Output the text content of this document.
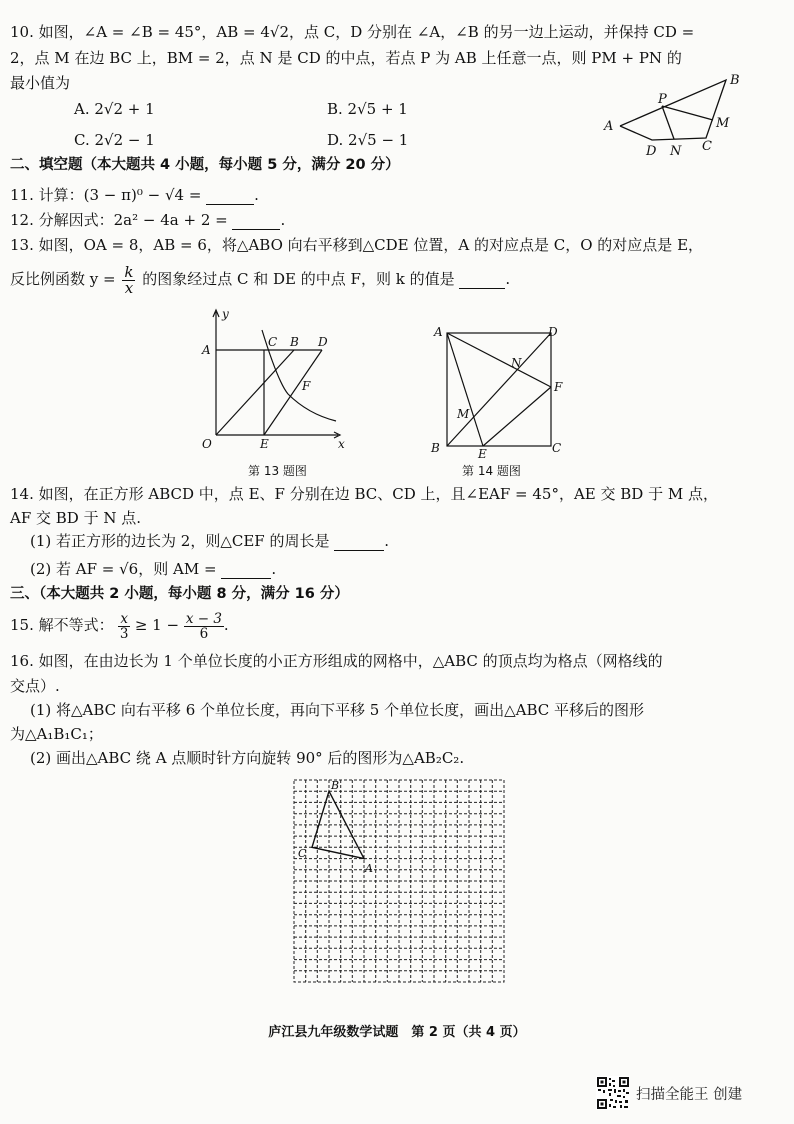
10. 如图，∠A = ∠B = 45°，AB = 4√2，点 C，D 分别在 ∠A，∠B 的另一边上运动，并保持 CD =
2，点 M 在边 BC 上，BM = 2，点 N 是 CD 的中点，若点 P 为 AB 上任意一点，则 PM + PN 的
最小值为
A. 2√2 + 1	B. 2√5 + 1
C. 2√2 − 1	D. 2√5 − 1
A
B
P
M
D N C
二、填空题（本大题共 4 小题，每小题 5 分，满分 20 分）
11. 计算：(3 − π)⁰ − √4 =	.
12. 分解因式：2a² − 4a + 2 =	.
13. 如图，OA = 8，AB = 6，将△ABO 向右平移到△CDE 位置，A 的对应点是 C，O 的对应点是 E，
反比例函数 $y = \frac{k}{x}$ 的图象经过点 C 和 DE 的中点 F，则 k 的值是	.
y
A
C B D
F
O	E	x
第 13 题图
A	D
N
F
M
B	E	C
第 14 题图
14. 如图，在正方形 ABCD 中，点 E、F 分别在边 BC、CD 上，且∠EAF = 45°，AE 交 BD 于 M 点，
AF 交 BD 于 N 点.
(1) 若正方形的边长为 2，则△CEF 的周长是	.
(2) 若 AF = √6，则 AM =	.
三、（本大题共 2 小题，每小题 8 分，满分 16 分）
15. 解不等式： $\frac{x}{3} \ge 1 - \frac{x - 3}{6}$ .
16. 如图，在由边长为 1 个单位长度的小正方形组成的网格中，△ABC 的顶点均为格点（网格线的
交点）.
(1) 将△ABC 向右平移 6 个单位长度，再向下平移 5 个单位长度，画出△ABC 平移后的图形
为△A₁B₁C₁；
(2) 画出△ABC 绕 A 点顺时针方向旋转 90° 后的图形为△AB₂C₂.
B
C
A
庐江县九年级数学试题　第 2 页（共 4 页）
扫描全能王 创建
